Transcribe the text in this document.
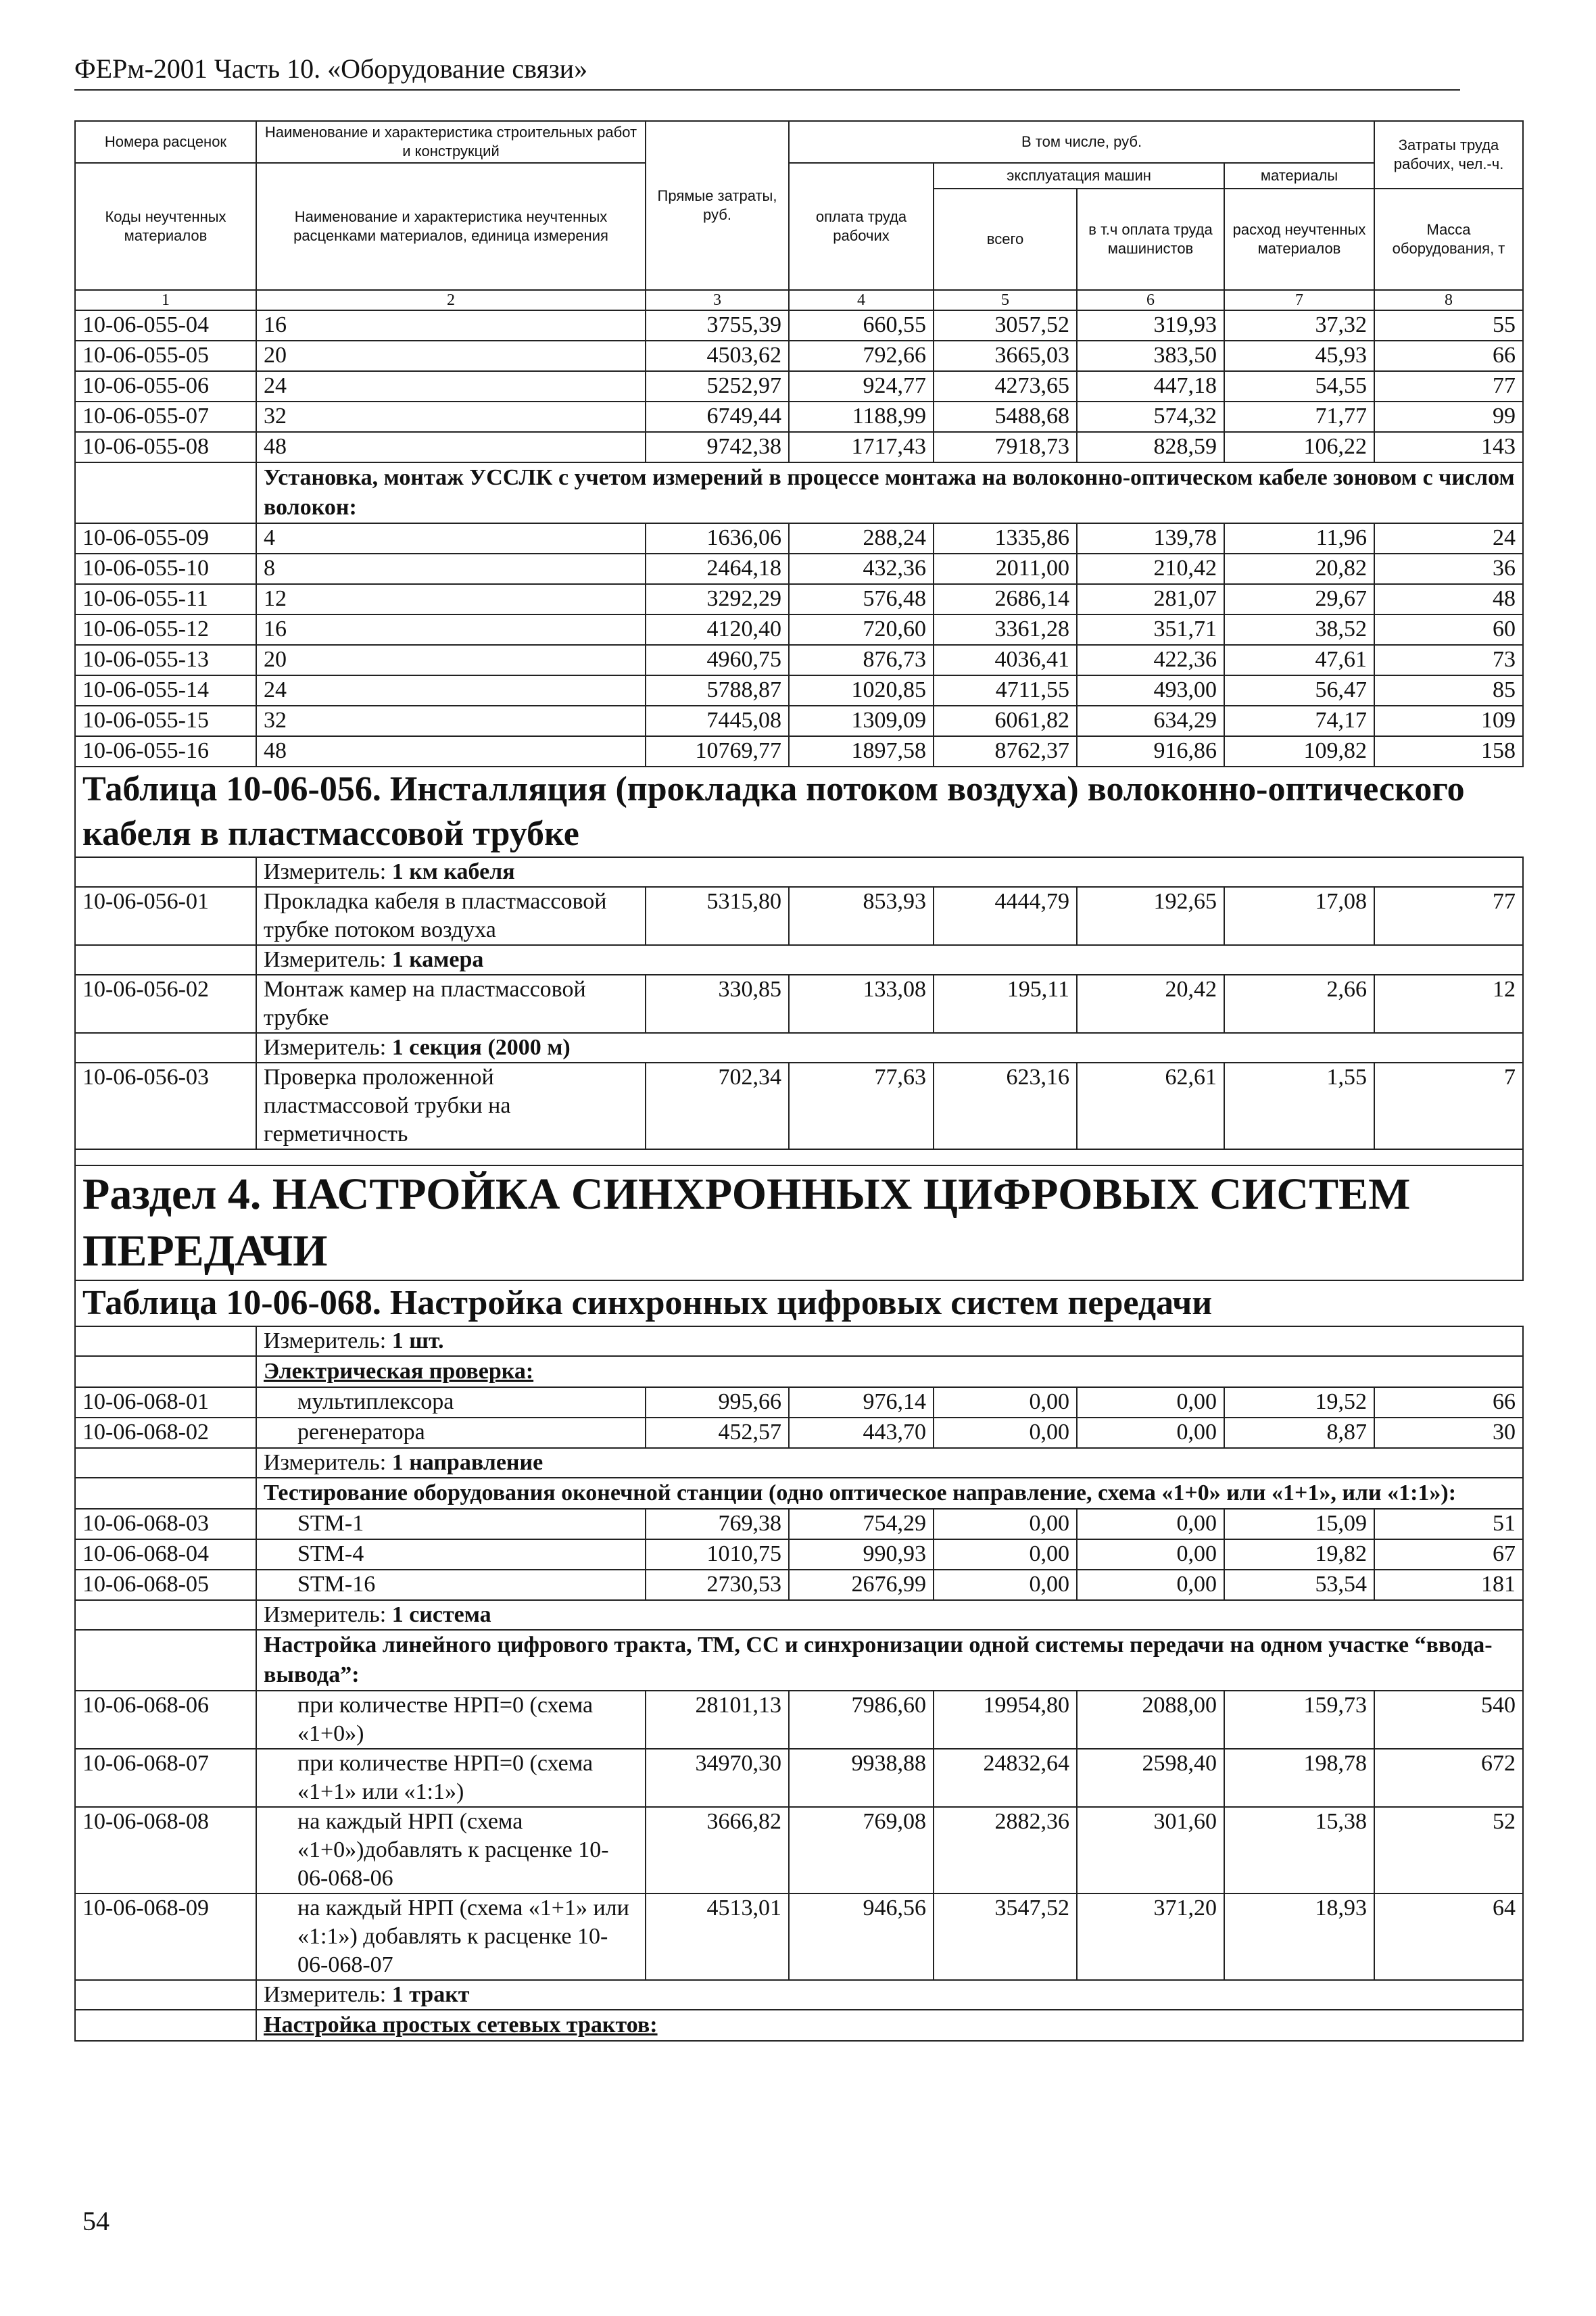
ФЕРм-2001 Часть 10. «Оборудование связи»
Номера расценок	Наименование и характеристика строительных работ и конструкций	Прямые затраты, руб.	В том числе, руб.				Затраты труда рабочих, чел.-ч.
Коды неучтенных материалов	Наименование и характеристика неучтенных расценками материалов, единица измерения		оплата труда рабочих	эксплуатация машин		материалы	
				всего	в т.ч оплата труда машинистов	расход неучтенных материалов	Масса оборудования, т
1	2	3	4	5	6	7	8
10-06-055-04	16	3755,39	660,55	3057,52	319,93	37,32	55
10-06-055-05	20	4503,62	792,66	3665,03	383,50	45,93	66
10-06-055-06	24	5252,97	924,77	4273,65	447,18	54,55	77
10-06-055-07	32	6749,44	1188,99	5488,68	574,32	71,77	99
10-06-055-08	48	9742,38	1717,43	7918,73	828,59	106,22	143
	Установка, монтаж УССЛК с учетом измерений в процессе монтажа на волоконно-оптическом кабеле зоновом с числом волокон:						
10-06-055-09	4	1636,06	288,24	1335,86	139,78	11,96	24
10-06-055-10	8	2464,18	432,36	2011,00	210,42	20,82	36
10-06-055-11	12	3292,29	576,48	2686,14	281,07	29,67	48
10-06-055-12	16	4120,40	720,60	3361,28	351,71	38,52	60
10-06-055-13	20	4960,75	876,73	4036,41	422,36	47,61	73
10-06-055-14	24	5788,87	1020,85	4711,55	493,00	56,47	85
10-06-055-15	32	7445,08	1309,09	6061,82	634,29	74,17	109
10-06-055-16	48	10769,77	1897,58	8762,37	916,86	109,82	158
Таблица 10-06-056. Инсталляция (прокладка потоком воздуха) волоконно-оптического кабеля в пластмассовой трубке							
	Измеритель: 1 км кабеля						
10-06-056-01	Прокладка кабеля в пластмассовой трубке потоком воздуха	5315,80	853,93	4444,79	192,65	17,08	77
	Измеритель: 1 камера						
10-06-056-02	Монтаж камер на пластмассовой трубке	330,85	133,08	195,11	20,42	2,66	12
	Измеритель: 1 секция (2000 м)						
10-06-056-03	Проверка проложенной пластмассовой трубки на герметичность	702,34	77,63	623,16	62,61	1,55	7

Раздел 4. НАСТРОЙКА СИНХРОННЫХ ЦИФРОВЫХ СИСТЕМ ПЕРЕДАЧИ							
Таблица 10-06-068. Настройка синхронных цифровых систем передачи							
	Измеритель: 1 шт.						
	Электрическая проверка:						
10-06-068-01	мультиплексора	995,66	976,14	0,00	0,00	19,52	66
10-06-068-02	регенератора	452,57	443,70	0,00	0,00	8,87	30
	Измеритель: 1 направление						
	Тестирование оборудования оконечной станции (одно оптическое направление, схема «1+0» или «1+1», или «1:1»):						
10-06-068-03	STM-1	769,38	754,29	0,00	0,00	15,09	51
10-06-068-04	STM-4	1010,75	990,93	0,00	0,00	19,82	67
10-06-068-05	STM-16	2730,53	2676,99	0,00	0,00	53,54	181
	Измеритель: 1 система						
	Настройка линейного цифрового тракта, ТМ, СС и синхронизации одной системы передачи на одном участке “ввода-вывода”:						
10-06-068-06	при количестве НРП=0 (схема «1+0»)	28101,13	7986,60	19954,80	2088,00	159,73	540
10-06-068-07	при количестве НРП=0 (схема «1+1» или «1:1»)	34970,30	9938,88	24832,64	2598,40	198,78	672
10-06-068-08	на каждый НРП (схема «1+0»)добавлять к расценке 10-06-068-06	3666,82	769,08	2882,36	301,60	15,38	52
10-06-068-09	на каждый НРП (схема «1+1» или «1:1») добавлять к расценке 10-06-068-07	4513,01	946,56	3547,52	371,20	18,93	64
	Измеритель: 1 тракт						
	Настройка простых сетевых трактов:						
54
